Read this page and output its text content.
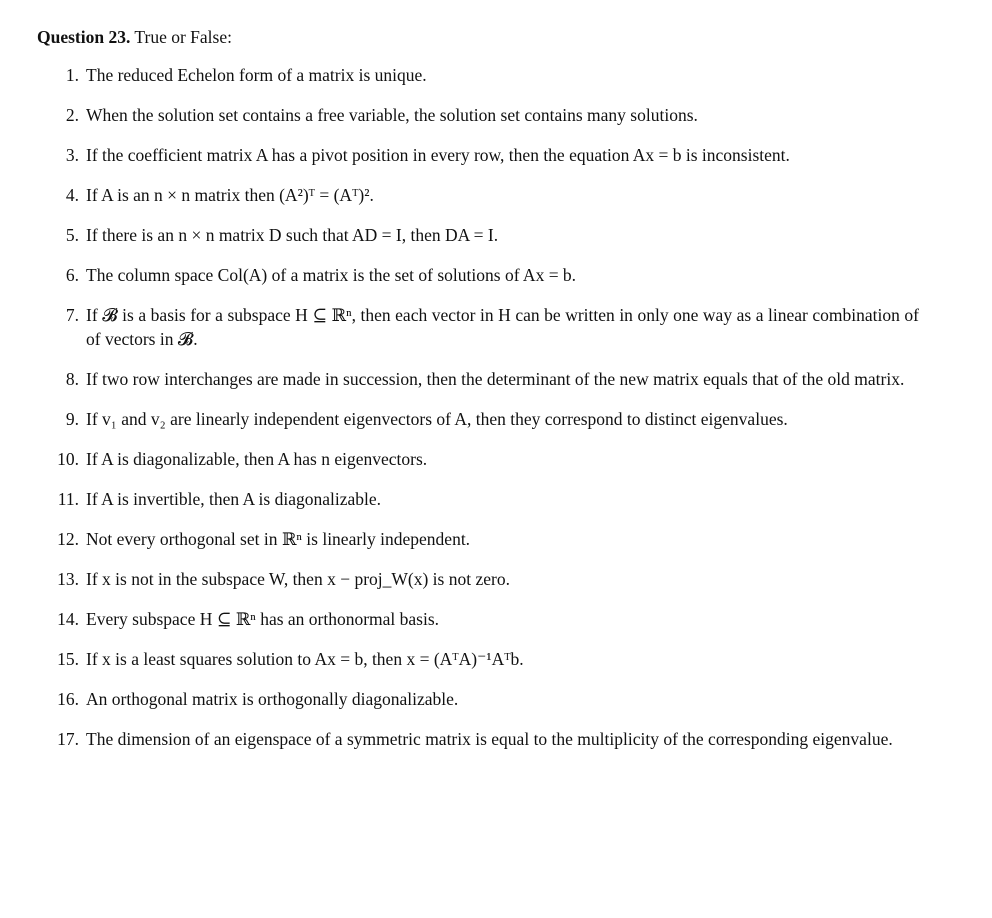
Question 23. True or False:
1. The reduced Echelon form of a matrix is unique.
2. When the solution set contains a free variable, the solution set contains many solutions.
3. If the coefficient matrix A has a pivot position in every row, then the equation Ax = b is inconsistent.
4. If A is an n × n matrix then (A²)ᵀ = (Aᵀ)².
5. If there is an n × n matrix D such that AD = I, then DA = I.
6. The column space Col(A) of a matrix is the set of solutions of Ax = b.
7. If 𝓑 is a basis for a subspace H ⊆ ℝⁿ, then each vector in H can be written in only one way as a linear combination of of vectors in 𝓑.
8. If two row interchanges are made in succession, then the determinant of the new matrix equals that of the old matrix.
9. If v₁ and v₂ are linearly independent eigenvectors of A, then they correspond to distinct eigenvalues.
10. If A is diagonalizable, then A has n eigenvectors.
11. If A is invertible, then A is diagonalizable.
12. Not every orthogonal set in ℝⁿ is linearly independent.
13. If x is not in the subspace W, then x − proj_W(x) is not zero.
14. Every subspace H ⊆ ℝⁿ has an orthonormal basis.
15. If x is a least squares solution to Ax = b, then x = (AᵀA)⁻¹Aᵀb.
16. An orthogonal matrix is orthogonally diagonalizable.
17. The dimension of an eigenspace of a symmetric matrix is equal to the multiplicity of the corresponding eigenvalue.
